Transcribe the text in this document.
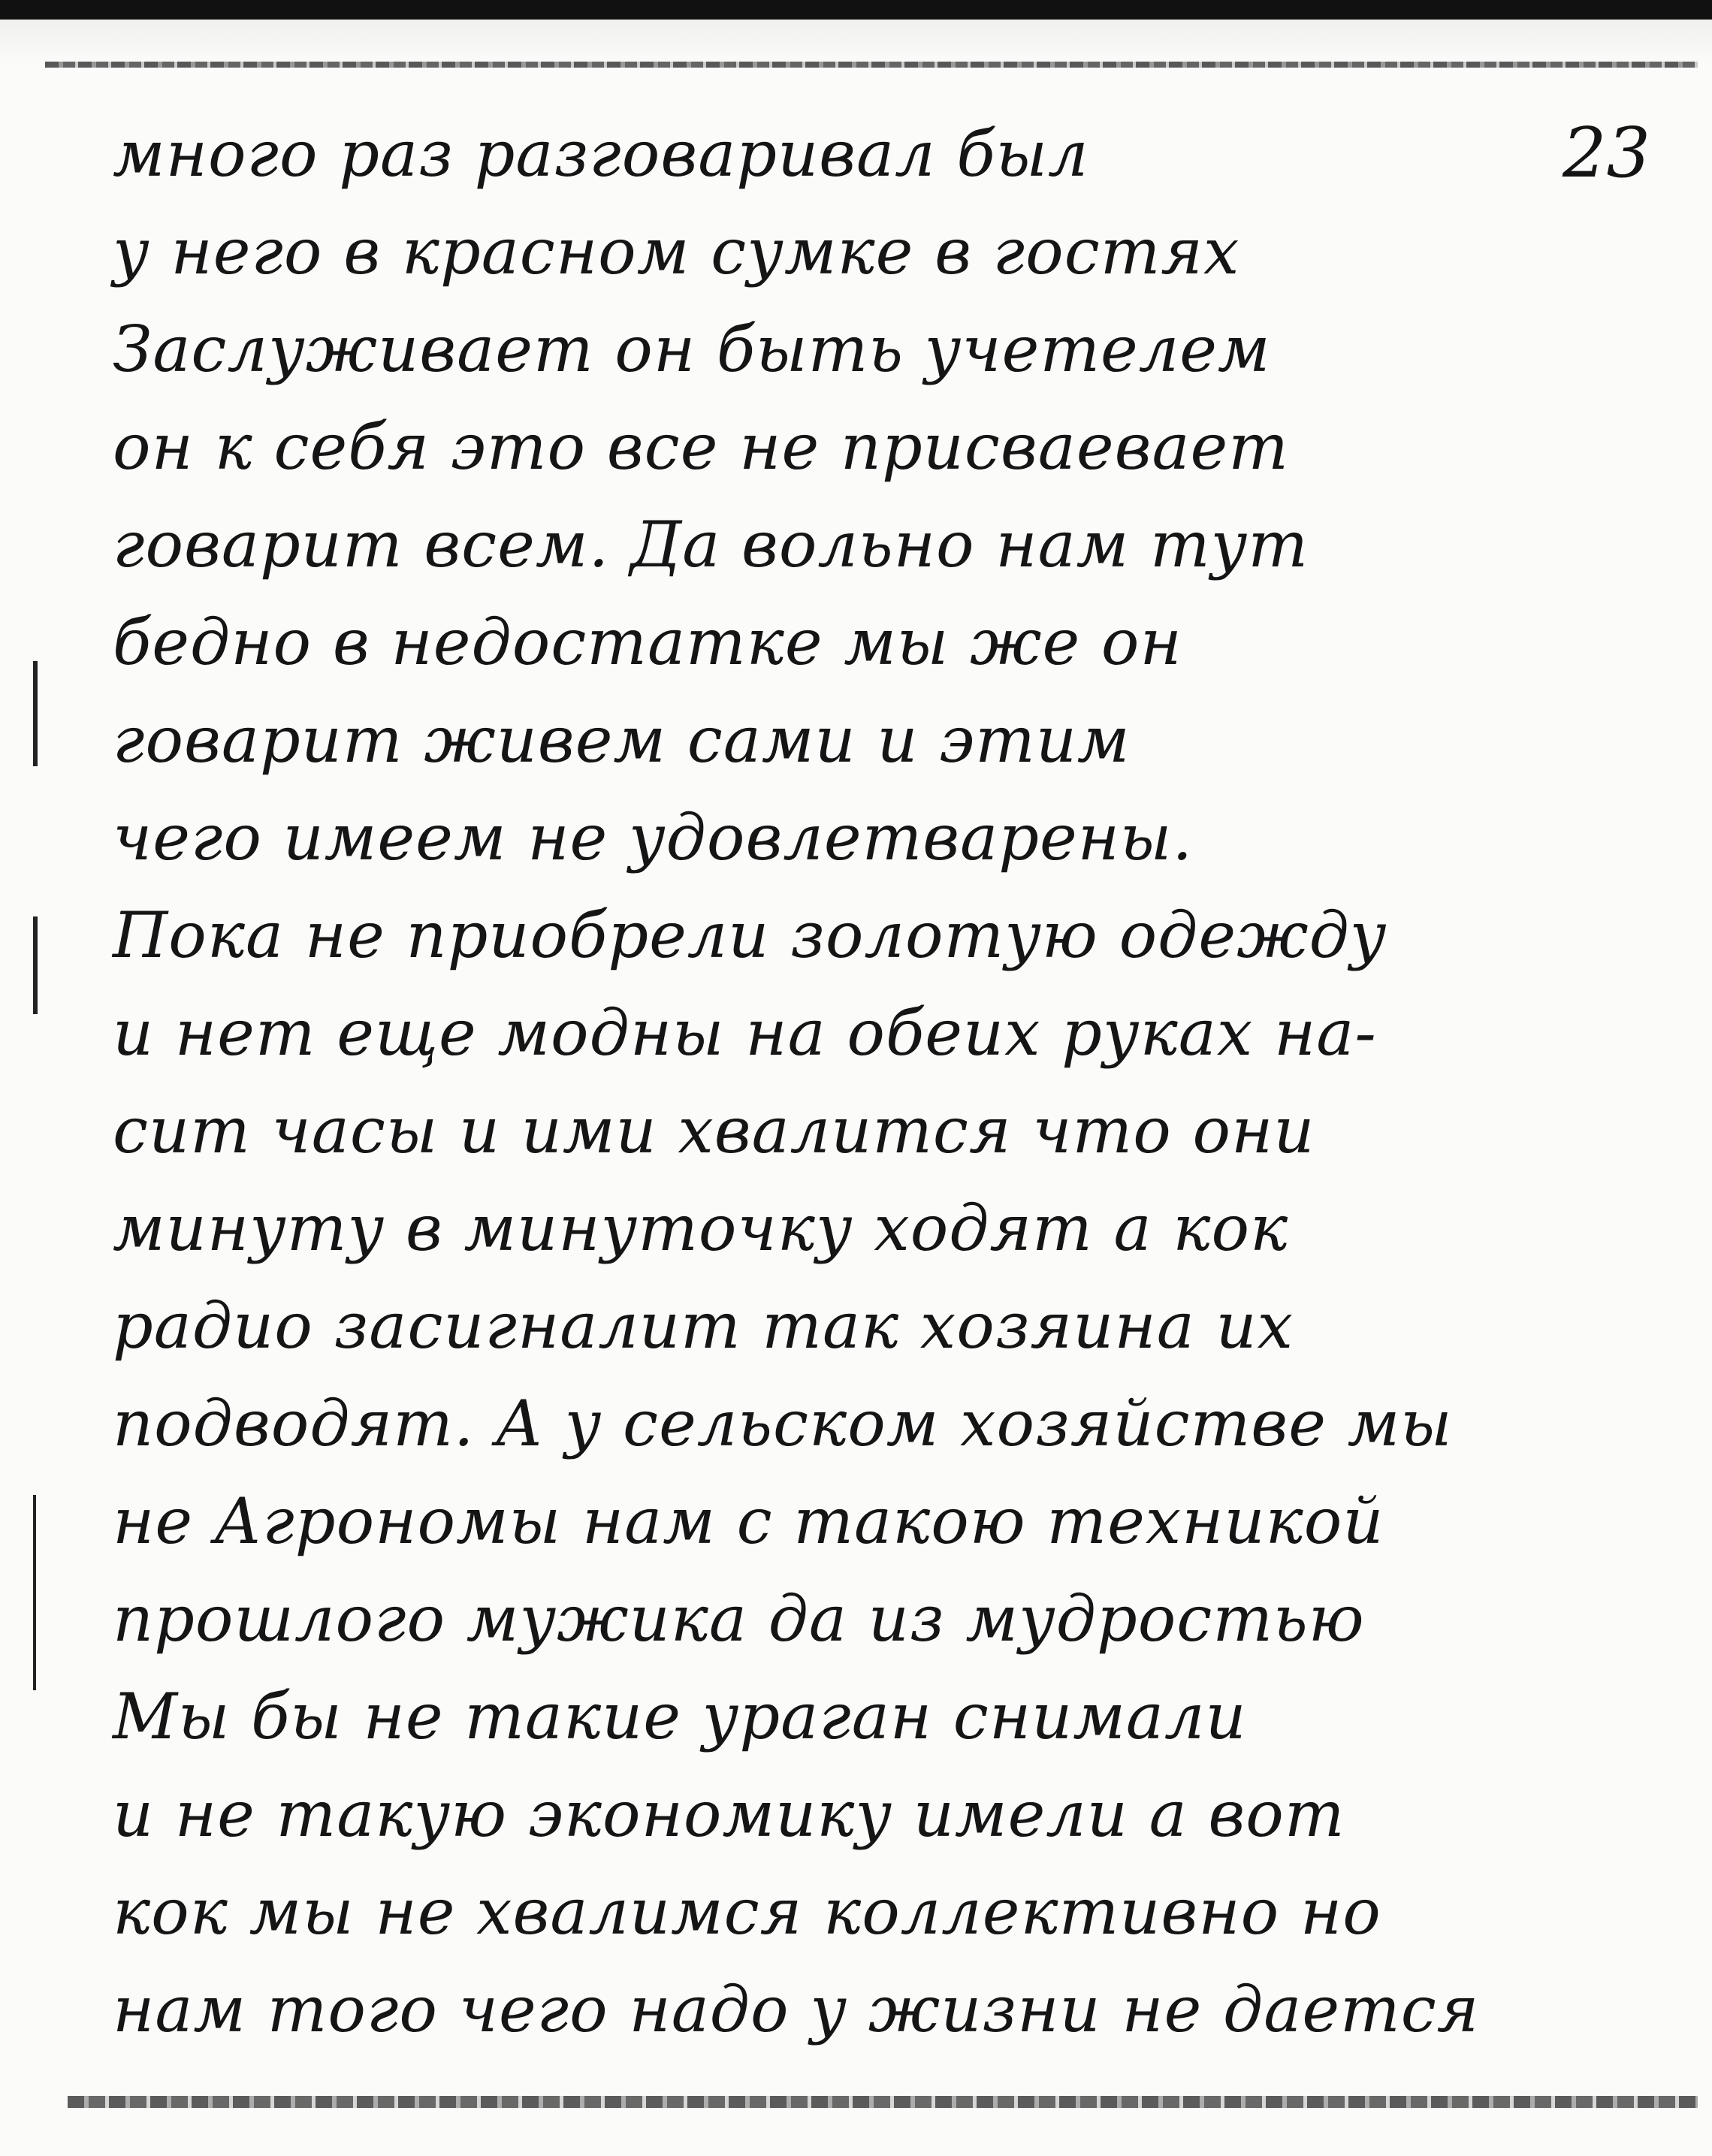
23
много раз разговаривал был
у него в красном сумке в гостях
Заслуживает он быть учетелем
он к себя это все не присваевает
говарит всем. Да вольно нам тут
бедно в недостатке мы же он
говарит живем сами и этим
чего имеем не удовлетварены.
Пока не приобрели золотую одежду
и нет еще модны на обеих руках на-
сит часы и ими хвалится что они
минуту в минуточку ходят а кок
радио засигналит так хозяина их
подводят. А у сельском хозяйстве мы
не Агрономы нам с такою техникой
прошлого мужика да из мудростью
Мы бы не такие ураган снимали
и не такую экономику имели а вот
кок мы не хвалимся коллективно но
нам того чего надо у жизни не дается
